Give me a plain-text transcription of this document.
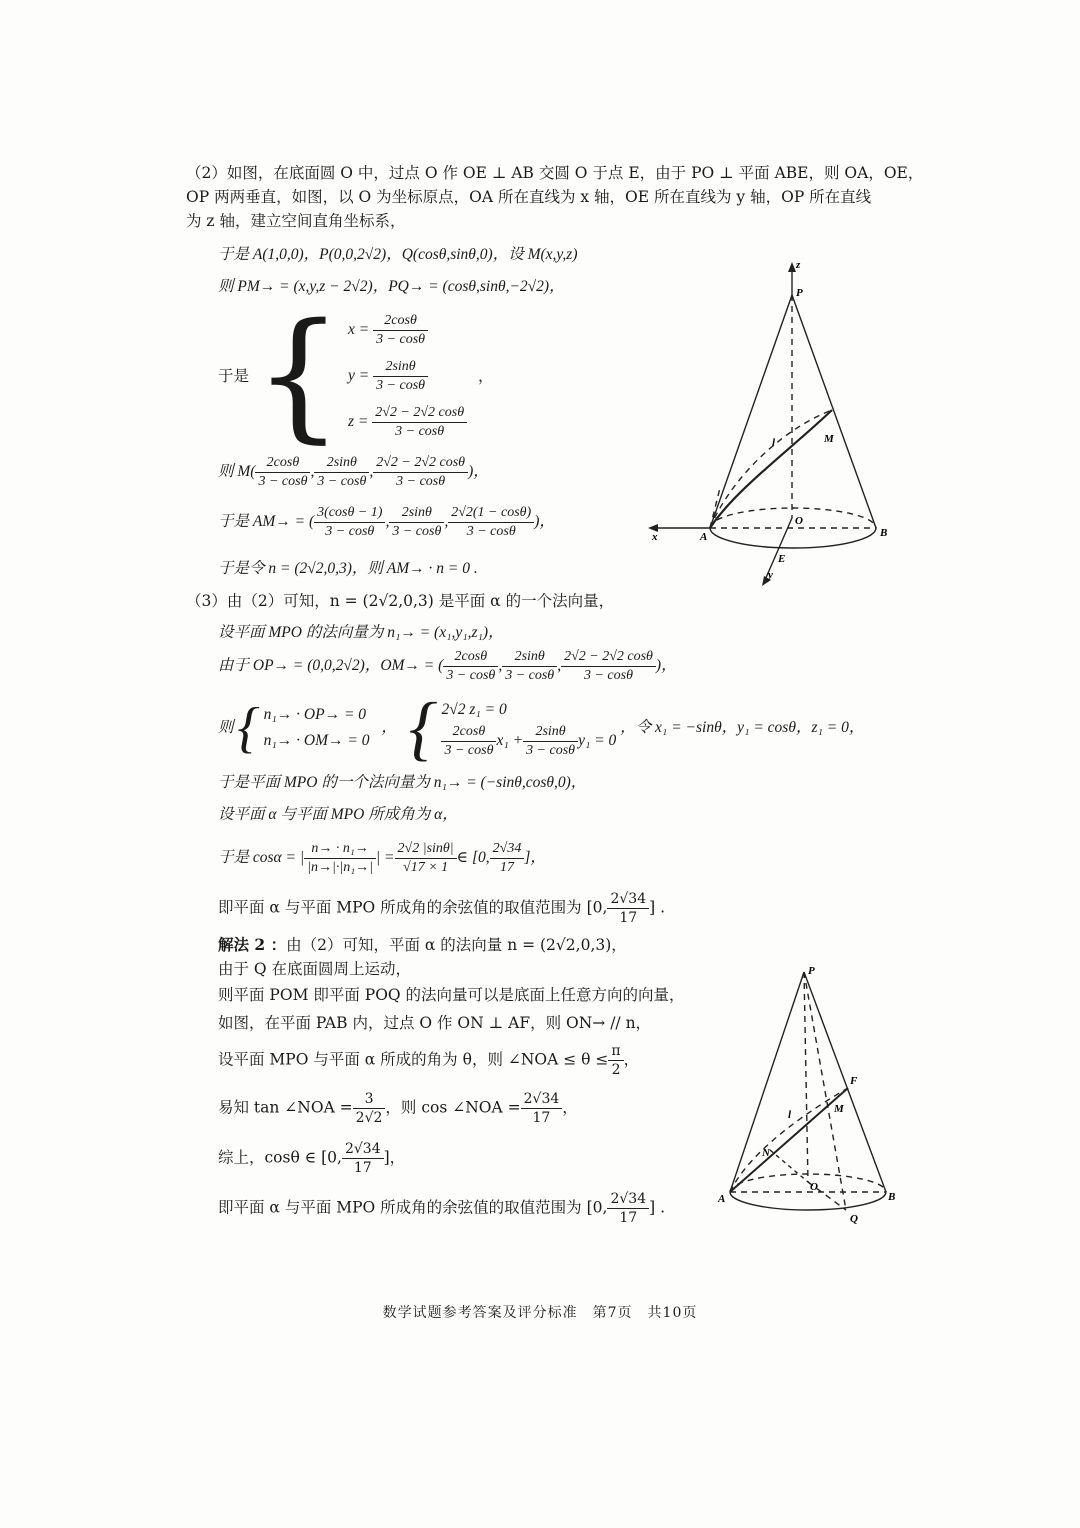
（2）如图，在底面圆 O 中，过点 O 作 OE ⊥ AB 交圆 O 于点 E，由于 PO ⊥ 平面 ABE，则 OA，OE，
OP 两两垂直，如图，以 O 为坐标原点，OA 所在直线为 x 轴，OE 所在直线为 y 轴，OP 所在直线
为 z 轴，建立空间直角坐标系，
于是 A(1,0,0)，P(0,0,2√2)，Q(cosθ,sinθ,0)，设 M(x,y,z)
则 PM→ = (x,y,z − 2√2)，PQ→ = (cosθ,sinθ,−2√2)，
于是 { $x = \frac{2\cos\theta}{3 - \cos\theta}$
$y = \frac{2\sin\theta}{3 - \cos\theta}$
$z = \frac{2√2 - 2√2 \cos\theta}{3 - \cos\theta}$
，
则 $M( \frac{2\cos\theta}{3 - \cos\theta}$ , $\frac{2\sin\theta}{3 - \cos\theta}$ , $\frac{2√2 - 2√2 \cos\theta}{3 - \cos\theta}$ )，
于是 AM→ = ( $\frac{3(\cos\theta - 1)}{3 - \cos\theta}$ , $\frac{2\sin\theta}{3 - \cos\theta}$ , $\frac{2√2(1 - \cos\theta)}{3 - \cos\theta}$ )，
于是令 n = (2√2,0,3)，则 AM→ · n = 0 .
（3）由（2）可知，n = (2√2,0,3) 是平面 α 的一个法向量，
设平面 MPO 的法向量为 n₁→ = (x₁,y₁,z₁)，
由于 OP→ = (0,0,2√2)，OM→ = ( $\frac{2\cos\theta}{3 - \cos\theta}$ , $\frac{2\sin\theta}{3 - \cos\theta}$ , $\frac{2√2 - 2√2 \cos\theta}{3 - \cos\theta}$ )，
则 { n₁→ · OP→ = 0
n₁→ · OM→ = 0
， { 2√2 z₁ = 0
$\frac{2\cos\theta}{3 - \cos\theta} x_1 + \frac{2\sin\theta}{3 - \cos\theta} y_1 = 0$
，令 x₁ = −sinθ，y₁ = cosθ，z₁ = 0，
于是平面 MPO 的一个法向量为 n₁→ = (−sinθ,cosθ,0)，
设平面 α 与平面 MPO 所成角为 α，
于是 cosα = | $\frac{\text{n→ · n₁→}}{\text{|n→|·|n₁→|}}$ | = $\frac{2√2 |\sin\theta|}{√17 \times 1}$ ∈ [0, $\frac{2√34}{17}$ ]，
即平面 α 与平面 MPO 所成角的余弦值的取值范围为 [0, $\frac{2√34}{17}$ ] .
解法 2 ：由（2）可知，平面 α 的法向量 n = (2√2,0,3)，
由于 Q 在底面圆周上运动，
则平面 POM 即平面 POQ 的法向量可以是底面上任意方向的向量，
如图，在平面 PAB 内，过点 O 作 ON ⊥ AF，则 ON→ // n，
设平面 MPO 与平面 α 所成的角为 θ，则 ∠NOA ≤ $\theta \le \frac{\pi}{2}$ ，
易知 tan ∠NOA = $\frac{3}{2√2}$ ，则 cos ∠NOA = $\frac{2√34}{17}$ ，
综上，cosθ ∈ [0, $\frac{2√34}{17}$ ]，
即平面 α 与平面 MPO 所成角的余弦值的取值范围为 [0, $\frac{2√34}{17}$ ] .
z
P
l	M
O
A	B
x
E
y
P
F
l	M
N
O
A	B
Q
数学试题参考答案及评分标准　第7页　共10页
